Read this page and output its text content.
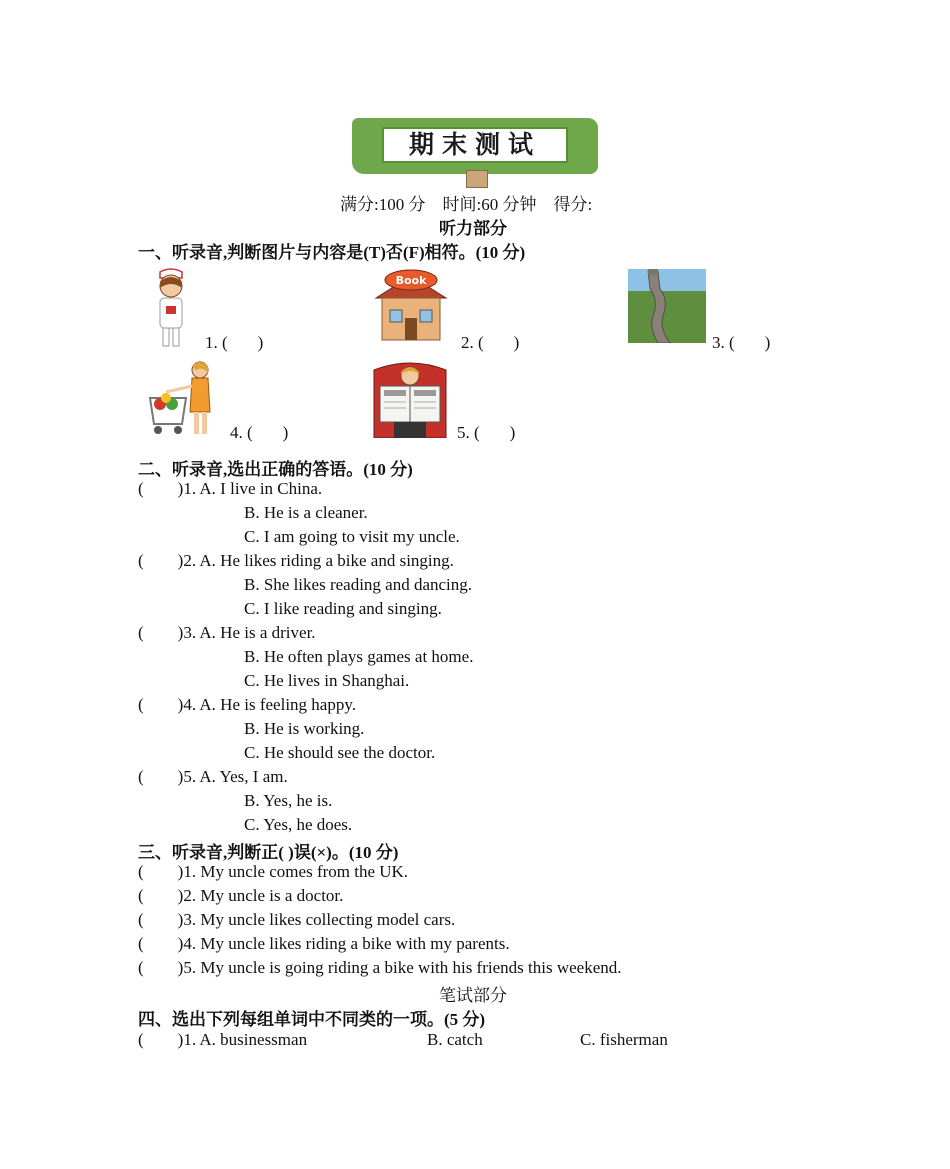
期末测试
满分:100 分 时间:60 分钟 得分:
听力部分
一、听录音,判断图片与内容是(T)否(F)相符。(10 分)
1. ( )
Book
2. ( )	3. ( )
4. ( )	5. ( )
二、听录音,选出正确的答语。(10 分)
( )1. A. I live in China.
B. He is a cleaner.
C. I am going to visit my uncle.
( )2. A. He likes riding a bike and singing.
B. She likes reading and dancing.
C. I like reading and singing.
( )3. A. He is a driver.
B. He often plays games at home.
C. He lives in Shanghai.
( )4. A. He is feeling happy.
B. He is working.
C. He should see the doctor.
( )5. A. Yes, I am.
B. Yes, he is.
C. Yes, he does.
三、听录音,判断正( )误(×)。(10 分)
( )1. My uncle comes from the UK.
( )2. My uncle is a doctor.
( )3. My uncle likes collecting model cars.
( )4. My uncle likes riding a bike with my parents.
( )5. My uncle is going riding a bike with his friends this weekend.
笔试部分
四、选出下列每组单词中不同类的一项。(5 分)
( )1. A. businessman	B. catch	C. fisherman
